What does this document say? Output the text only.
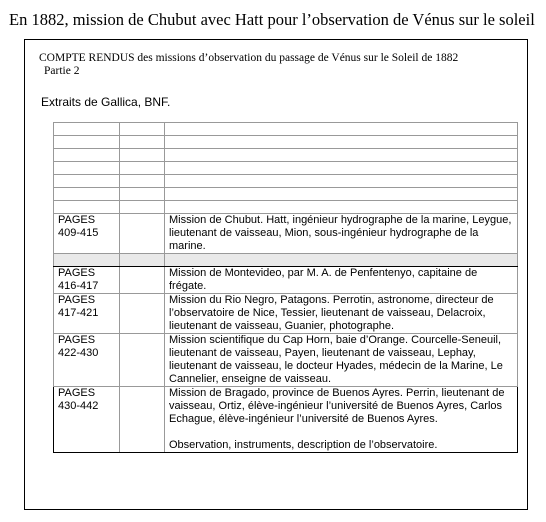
En 1882, mission de Chubut avec Hatt pour l’observation de Vénus sur le soleil
COMPTE RENDUS des missions d’observation du passage de Vénus sur le Soleil de 1882
Partie 2
Extraits de Gallica, BNF.

PAGES
409-415		Mission de Chubut. Hatt, ingénieur hydrographe de la marine, Leygue, lieutenant de vaisseau, Mion, sous-ingénieur hydrographe de la marine.

PAGES
416-417		Mission de Montevideo, par M. A. de Penfentenyo, capitaine de frégate.
PAGES
417-421		Mission du Rio Negro, Patagons. Perrotin, astronome, directeur de l’observatoire de Nice, Tessier, lieutenant de vaisseau, Delacroix, lieutenant de vaisseau, Guanier, photographe.
PAGES
422-430		Mission scientifique du Cap Horn, baie d’Orange. Courcelle-Seneuil, lieutenant de vaisseau, Payen, lieutenant de vaisseau, Lephay, lieutenant de vaisseau, le docteur Hyades, médecin de la Marine, Le Cannelier, enseigne de vaisseau.
PAGES
430-442		Mission de Bragado, province de Buenos Ayres. Perrin, lieutenant de vaisseau, Ortiz, élève-ingénieur l’université de Buenos Ayres, Carlos Echague, élève-ingénieur l’université de Buenos Ayres.
Observation, instruments, description de l’observatoire.
